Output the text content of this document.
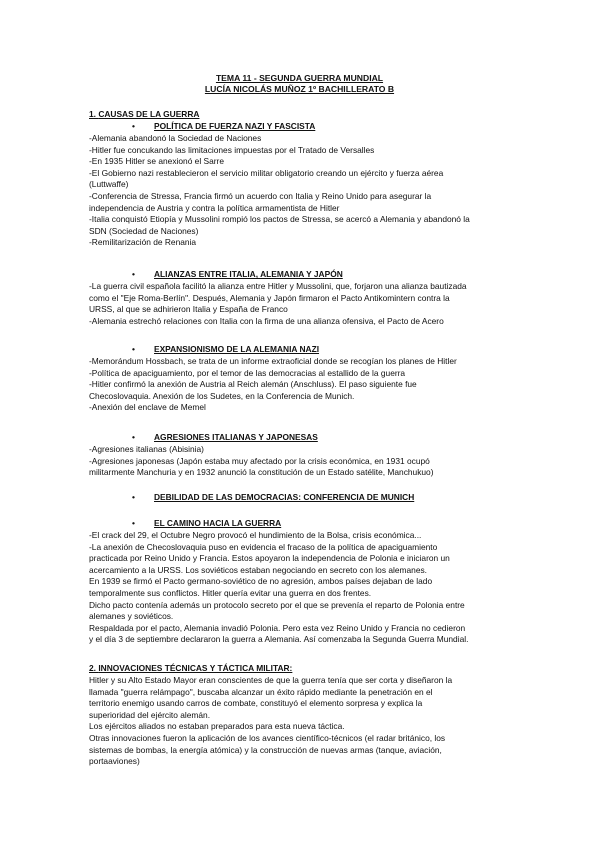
TEMA 11 - SEGUNDA GUERRA MUNDIAL
LUCÍA NICOLÁS MUÑOZ 1º BACHILLERATO B
1. CAUSAS DE LA GUERRA
• POLÍTICA DE FUERZA NAZI Y FASCISTA
-Alemania abandonó la Sociedad de Naciones
-Hitler fue concukando las limitaciones impuestas por el Tratado de Versalles
-En 1935 Hitler se anexionó el Sarre
-El Gobierno nazi restablecieron el servicio militar obligatorio creando un ejército y fuerza aérea
(Luttwaffe)
-Conferencia de Stressa, Francia firmó un acuerdo con Italia y Reino Unido para asegurar la
independencia de Austria y contra la política armamentista de Hitler
-Italia conquistó Etiopía y Mussolini rompió los pactos de Stressa, se acercó a Alemania y abandonó la
SDN (Sociedad de Naciones)
-Remilitarización de Renania
• ALIANZAS ENTRE ITALIA, ALEMANIA Y JAPÓN
-La guerra civil española facilitó la alianza entre Hitler y Mussolini, que, forjaron una alianza bautizada
como el "Eje Roma-Berlín". Después, Alemania y Japón firmaron el Pacto Antikomintern contra la
URSS, al que se adhirieron Italia y España de Franco
-Alemania estrechó relaciones con Italia con la firma de una alianza ofensiva, el Pacto de Acero
• EXPANSIONISMO DE LA ALEMANIA NAZI
-Memorándum Hossbach, se trata de un informe extraoficial donde se recogían los planes de Hitler
-Política de apaciguamiento, por el temor de las democracias al estallido de la guerra
-Hitler confirmó la anexión de Austria al Reich alemán (Anschluss). El paso siguiente fue
Checoslovaquia. Anexión de los Sudetes, en la Conferencia de Munich.
-Anexión del enclave de Memel
• AGRESIONES ITALIANAS Y JAPONESAS
-Agresiones italianas (Abisinia)
-Agresiones japonesas (Japón estaba muy afectado por la crisis económica, en 1931 ocupó
militarmente Manchuria y en 1932 anunció la constitución de un Estado satélite, Manchukuo)
• DEBILIDAD DE LAS DEMOCRACIAS: CONFERENCIA DE MUNICH
• EL CAMINO HACIA LA GUERRA
-El crack del 29, el Octubre Negro provocó el hundimiento de la Bolsa, crisis económica...
-La anexión de Checoslovaquia puso en evidencia el fracaso de la política de apaciguamiento
practicada por Reino Unido y Francia. Estos apoyaron la independencia de Polonia e iniciaron un
acercamiento a la URSS. Los soviéticos estaban negociando en secreto con los alemanes.
En 1939 se firmó el Pacto germano-soviético de no agresión, ambos países dejaban de lado
temporalmente sus conflictos. Hitler quería evitar una guerra en dos frentes.
Dicho pacto contenía además un protocolo secreto por el que se prevenía el reparto de Polonia entre
alemanes y soviéticos.
Respaldada por el pacto, Alemania invadió Polonia. Pero esta vez Reino Unido y Francia no cedieron
y el día 3 de septiembre declararon la guerra a Alemania. Así comenzaba la Segunda Guerra Mundial.
2. INNOVACIONES TÉCNICAS Y TÁCTICA MILITAR:
Hitler y su Alto Estado Mayor eran conscientes de que la guerra tenía que ser corta y diseñaron la
llamada "guerra relámpago", buscaba alcanzar un éxito rápido mediante la penetración en el
territorio enemigo usando carros de combate, constituyó el elemento sorpresa y explica la
superioridad del ejército alemán.
Los ejércitos aliados no estaban preparados para esta nueva táctica.
Otras innovaciones fueron la aplicación de los avances científico-técnicos (el radar británico, los
sistemas de bombas, la energía atómica) y la construcción de nuevas armas (tanque, aviación,
portaaviones)
